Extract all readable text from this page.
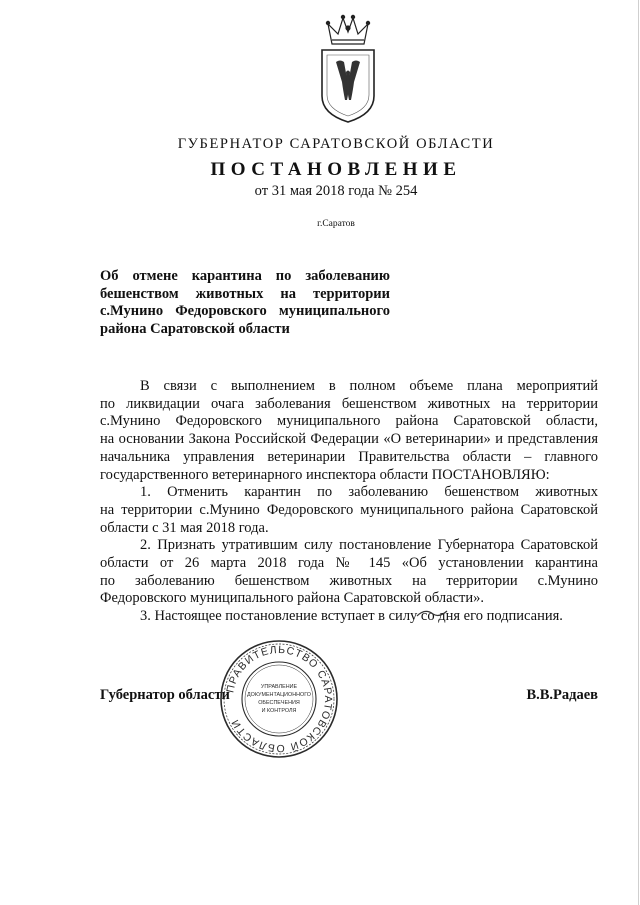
ГУБЕРНАТОР САРАТОВСКОЙ ОБЛАСТИ
ПОСТАНОВЛЕНИЕ
от 31 мая 2018 года № 254
г.Саратов
Об отмене карантина по заболеванию
бешенством животных на территории
с.Мунино Федоровского муниципального
района Саратовской области
В связи с выполнением в полном объеме плана мероприятий
по ликвидации очага заболевания бешенством животных на территории
с.Мунино Федоровского муниципального района Саратовской области,
на основании Закона Российской Федерации «О ветеринарии» и представления
начальника управления ветеринарии Правительства области – главного
государственного ветеринарного инспектора области ПОСТАНОВЛЯЮ:
1. Отменить карантин по заболеванию бешенством животных
на территории с.Мунино Федоровского муниципального района Саратовской
области с 31 мая 2018 года.
2. Признать утратившим силу постановление Губернатора Саратовской
области от 26 марта 2018 года № 145 «Об установлении карантина
по заболеванию бешенством животных на территории с.Мунино
Федоровского муниципального района Саратовской области».
3. Настоящее постановление вступает в силу со дня его подписания.
Губернатор области	В.В.Радаев
ПРАВИТЕЛЬСТВО САРАТОВСКОЙ ОБЛАСТИ
УПРАВЛЕНИЕ
ДОКУМЕНТАЦИОННОГО
ОБЕСПЕЧЕНИЯ
И КОНТРОЛЯ
